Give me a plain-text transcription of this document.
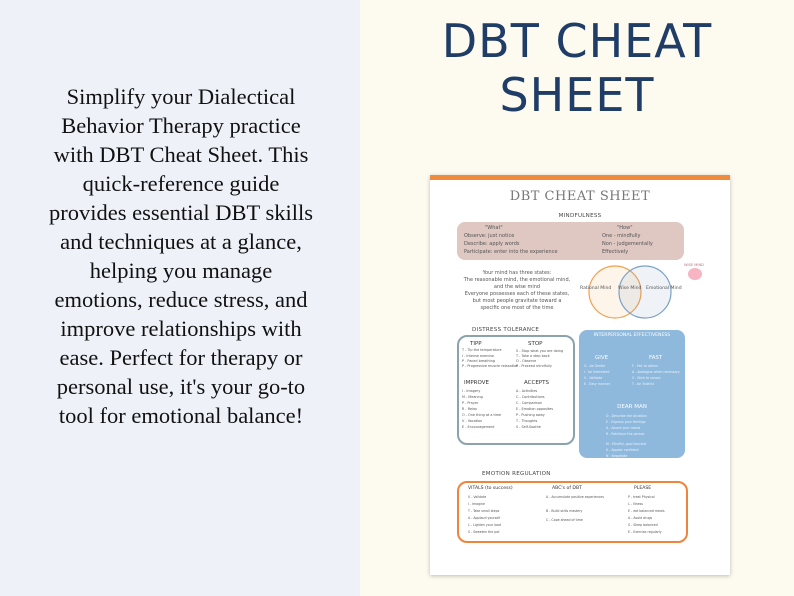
Simplify your Dialectical
Behavior Therapy practice
with DBT Cheat Sheet. This
quick-reference guide
provides essential DBT skills
and techniques at a glance,
helping you manage
emotions, reduce stress, and
improve relationships with
ease. Perfect for therapy or
personal use, it's your go-to
tool for emotional balance!
DBT CHEAT
SHEET
DBT CHEAT SHEET
MINDFULNESS
"What"	"How"
Observe: just notice
Describe: apply words
Participate: enter into the experience
One - mindfully
Non - judgementally
Effectively
Your mind has three states:
The reasonable mind, the emotional mind,
and the wise mind
Everyone possesses each of these states,
but most people gravitate toward a
specific one most of the time
Rational Mind Wise Mind Emotional Mind
WISE MIND
DISTRESS TOLERANCE
TIPP
T - Tip the temperature
I - Intense exercise
P - Paced breathing
P - Progressive muscle relaxation
STOP
S - Stop what you are doing
T - Take a step back
O - Observe
P - Proceed mindfully
IMPROVE
I - Imagery
M - Meaning
P - Prayer
R - Relax
O - One thing at a time
V - Vacation
E - Encouragement
ACCEPTS
A - Activities
C - Contributions
C - Comparison
E - Emotion opposites
P - Pushing away
T - Thoughts
S - Self-Soothe
INTERPERSONAL EFFECTIVENESS
GIVE
G - be Gentle
I - be Interested
V - Validate
E - Easy manner
FAST
F - Fair to others
A - Apologize when necessary
S - Stick to values
T - be Truthful
DEAR MAN
D - Describe the situation
E - Express your feelings
A - Assert your needs
R - Reinforce the person
M - Mindful, goal focused
A - Appear confident
N - Negotiate
EMOTION REGULATION
VITALS (to success)
V - Validate
I - Imagine
T - Take small steps
A - Applaud yourself
L - Lighten your load
S - Sweeten the pot
ABC's of DBT
A - Accumulate positive experiences
B - Build skills mastery
C - Cope ahead of time
PLEASE
P - treat Physical
L - Illness
E - eat balanced meals
A - Avoid drugs
S - Sleep balanced
E - Exercise regularly
